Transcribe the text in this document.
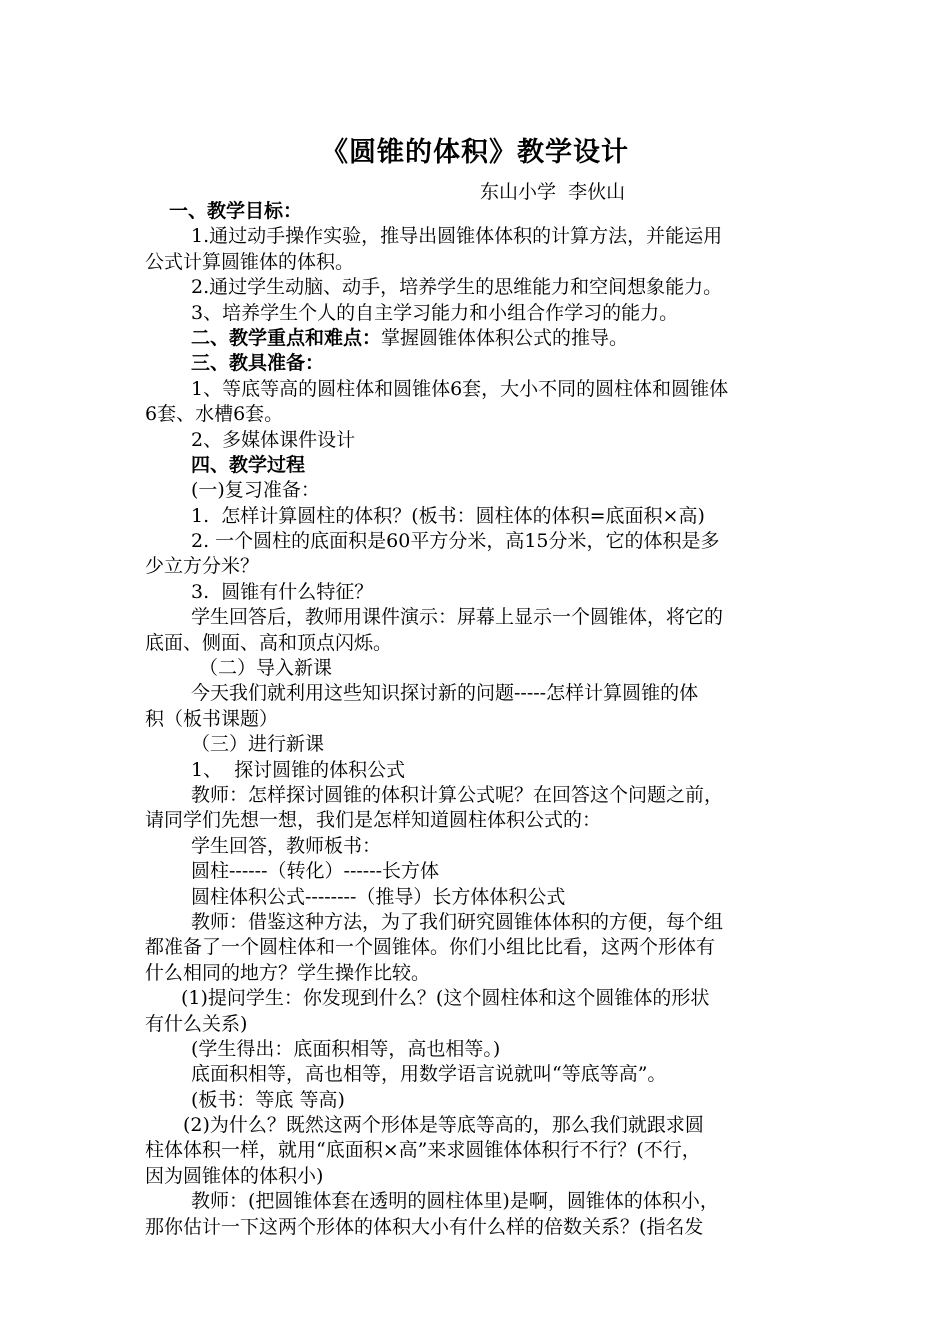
《圆锥的体积》教学设计
东山小学  李伙山
一、教学目标：
1.通过动手操作实验，推导出圆锥体体积的计算方法，并能运用
公式计算圆锥体的体积。
2.通过学生动脑、动手，培养学生的思维能力和空间想象能力。
3、培养学生个人的自主学习能力和小组合作学习的能力。
二、教学重点和难点：掌握圆锥体体积公式的推导。
三、教具准备：
1、等底等高的圆柱体和圆锥体6套，大小不同的圆柱体和圆锥体
6套、水槽6套。
2、多媒体课件设计
四、教学过程
(一)复习准备：
1.  怎样计算圆柱的体积？(板书：圆柱体的体积=底面积×高)
2. 一个圆柱的底面积是60平方分米，高15分米，它的体积是多
少立方分米？
3.  圆锥有什么特征？
学生回答后，教师用课件演示：屏幕上显示一个圆锥体，将它的
底面、侧面、高和顶点闪烁。
（二）导入新课
今天我们就利用这些知识探讨新的问题-----怎样计算圆锥的体
积（板书课题）
（三）进行新课
1、  探讨圆锥的体积公式
教师：怎样探讨圆锥的体积计算公式呢？在回答这个问题之前，
请同学们先想一想，我们是怎样知道圆柱体积公式的：
学生回答，教师板书：
圆柱------（转化）------长方体
圆柱体积公式--------（推导）长方体体积公式
教师：借鉴这种方法，为了我们研究圆锥体体积的方便，每个组
都准备了一个圆柱体和一个圆锥体。你们小组比比看，这两个形体有
什么相同的地方？学生操作比较。
(1)提问学生：你发现到什么？(这个圆柱体和这个圆锥体的形状
有什么关系)
(学生得出：底面积相等，高也相等。)
底面积相等，高也相等，用数学语言说就叫“等底等高”。
(板书：等底 等高)
(2)为什么？既然这两个形体是等底等高的，那么我们就跟求圆
柱体体积一样，就用“底面积×高”来求圆锥体体积行不行？(不行，
因为圆锥体的体积小)
教师：(把圆锥体套在透明的圆柱体里)是啊，圆锥体的体积小，
那你估计一下这两个形体的体积大小有什么样的倍数关系？(指名发
